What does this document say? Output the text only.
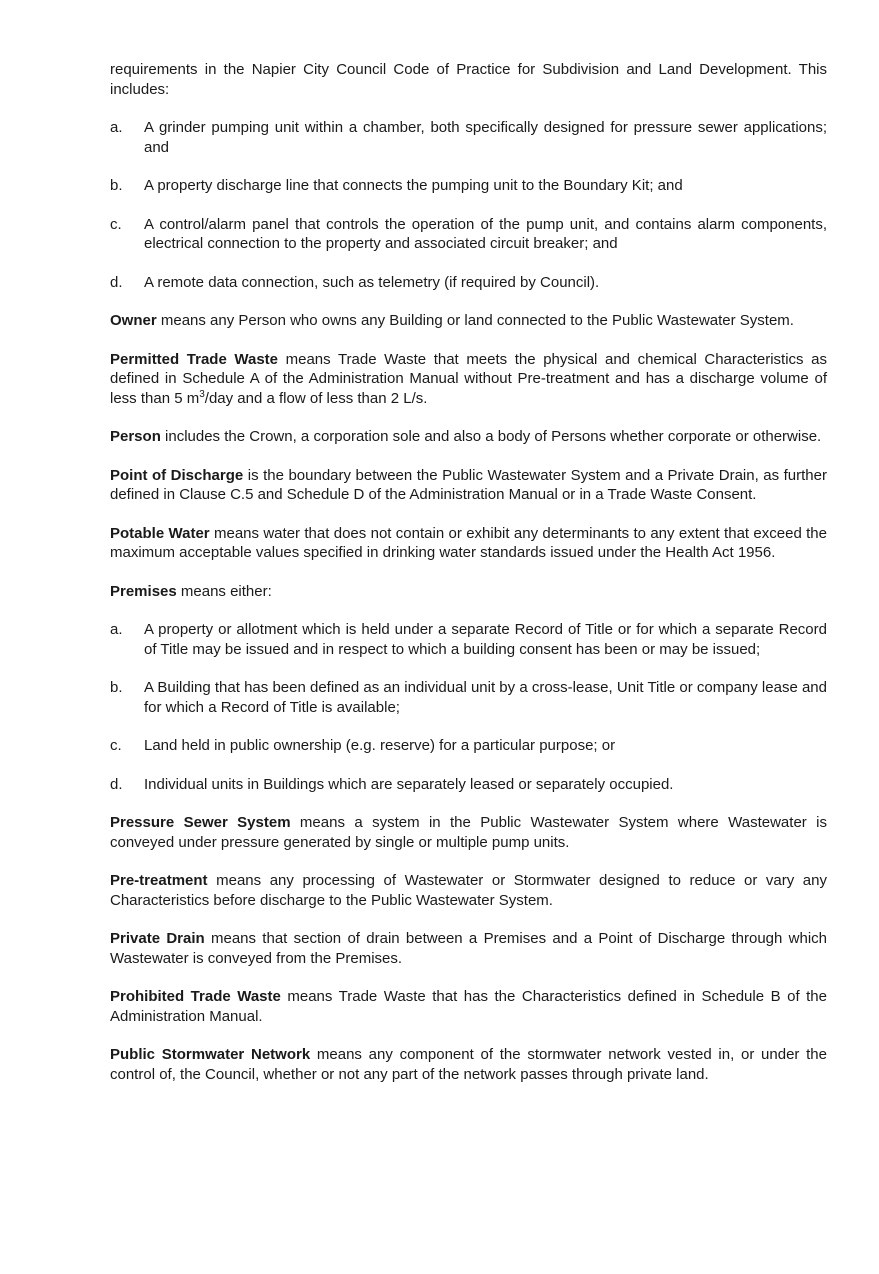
requirements in the Napier City Council Code of Practice for Subdivision and Land Development. This includes:

a.	A grinder pumping unit within a chamber, both specifically designed for pressure sewer applications; and
b.	A property discharge line that connects the pumping unit to the Boundary Kit; and
c.	A control/alarm panel that controls the operation of the pump unit, and contains alarm components, electrical connection to the property and associated circuit breaker; and
d.	A remote data connection, such as telemetry (if required by Council).

Owner means any Person who owns any Building or land connected to the Public Wastewater System.

Permitted Trade Waste means Trade Waste that meets the physical and chemical Characteristics as defined in Schedule A of the Administration Manual without Pre-treatment and has a discharge volume of less than 5 $m^3$/day and a flow of less than 2 L/s.

Person includes the Crown, a corporation sole and also a body of Persons whether corporate or otherwise.

Point of Discharge is the boundary between the Public Wastewater System and a Private Drain, as further defined in Clause C.5 and Schedule D of the Administration Manual or in a Trade Waste Consent.

Potable Water means water that does not contain or exhibit any determinants to any extent that exceed the maximum acceptable values specified in drinking water standards issued under the Health Act 1956.

Premises means either:

a.	A property or allotment which is held under a separate Record of Title or for which a separate Record of Title may be issued and in respect to which a building consent has been or may be issued;
b.	A Building that has been defined as an individual unit by a cross-lease, Unit Title or company lease and for which a Record of Title is available;
c.	Land held in public ownership (e.g. reserve) for a particular purpose; or
d.	Individual units in Buildings which are separately leased or separately occupied.

Pressure Sewer System means a system in the Public Wastewater System where Wastewater is conveyed under pressure generated by single or multiple pump units.

Pre-treatment means any processing of Wastewater or Stormwater designed to reduce or vary any Characteristics before discharge to the Public Wastewater System.

Private Drain means that section of drain between a Premises and a Point of Discharge through which Wastewater is conveyed from the Premises.

Prohibited Trade Waste means Trade Waste that has the Characteristics defined in Schedule B of the Administration Manual.

Public Stormwater Network means any component of the stormwater network vested in, or under the control of, the Council, whether or not any part of the network passes through private land.
